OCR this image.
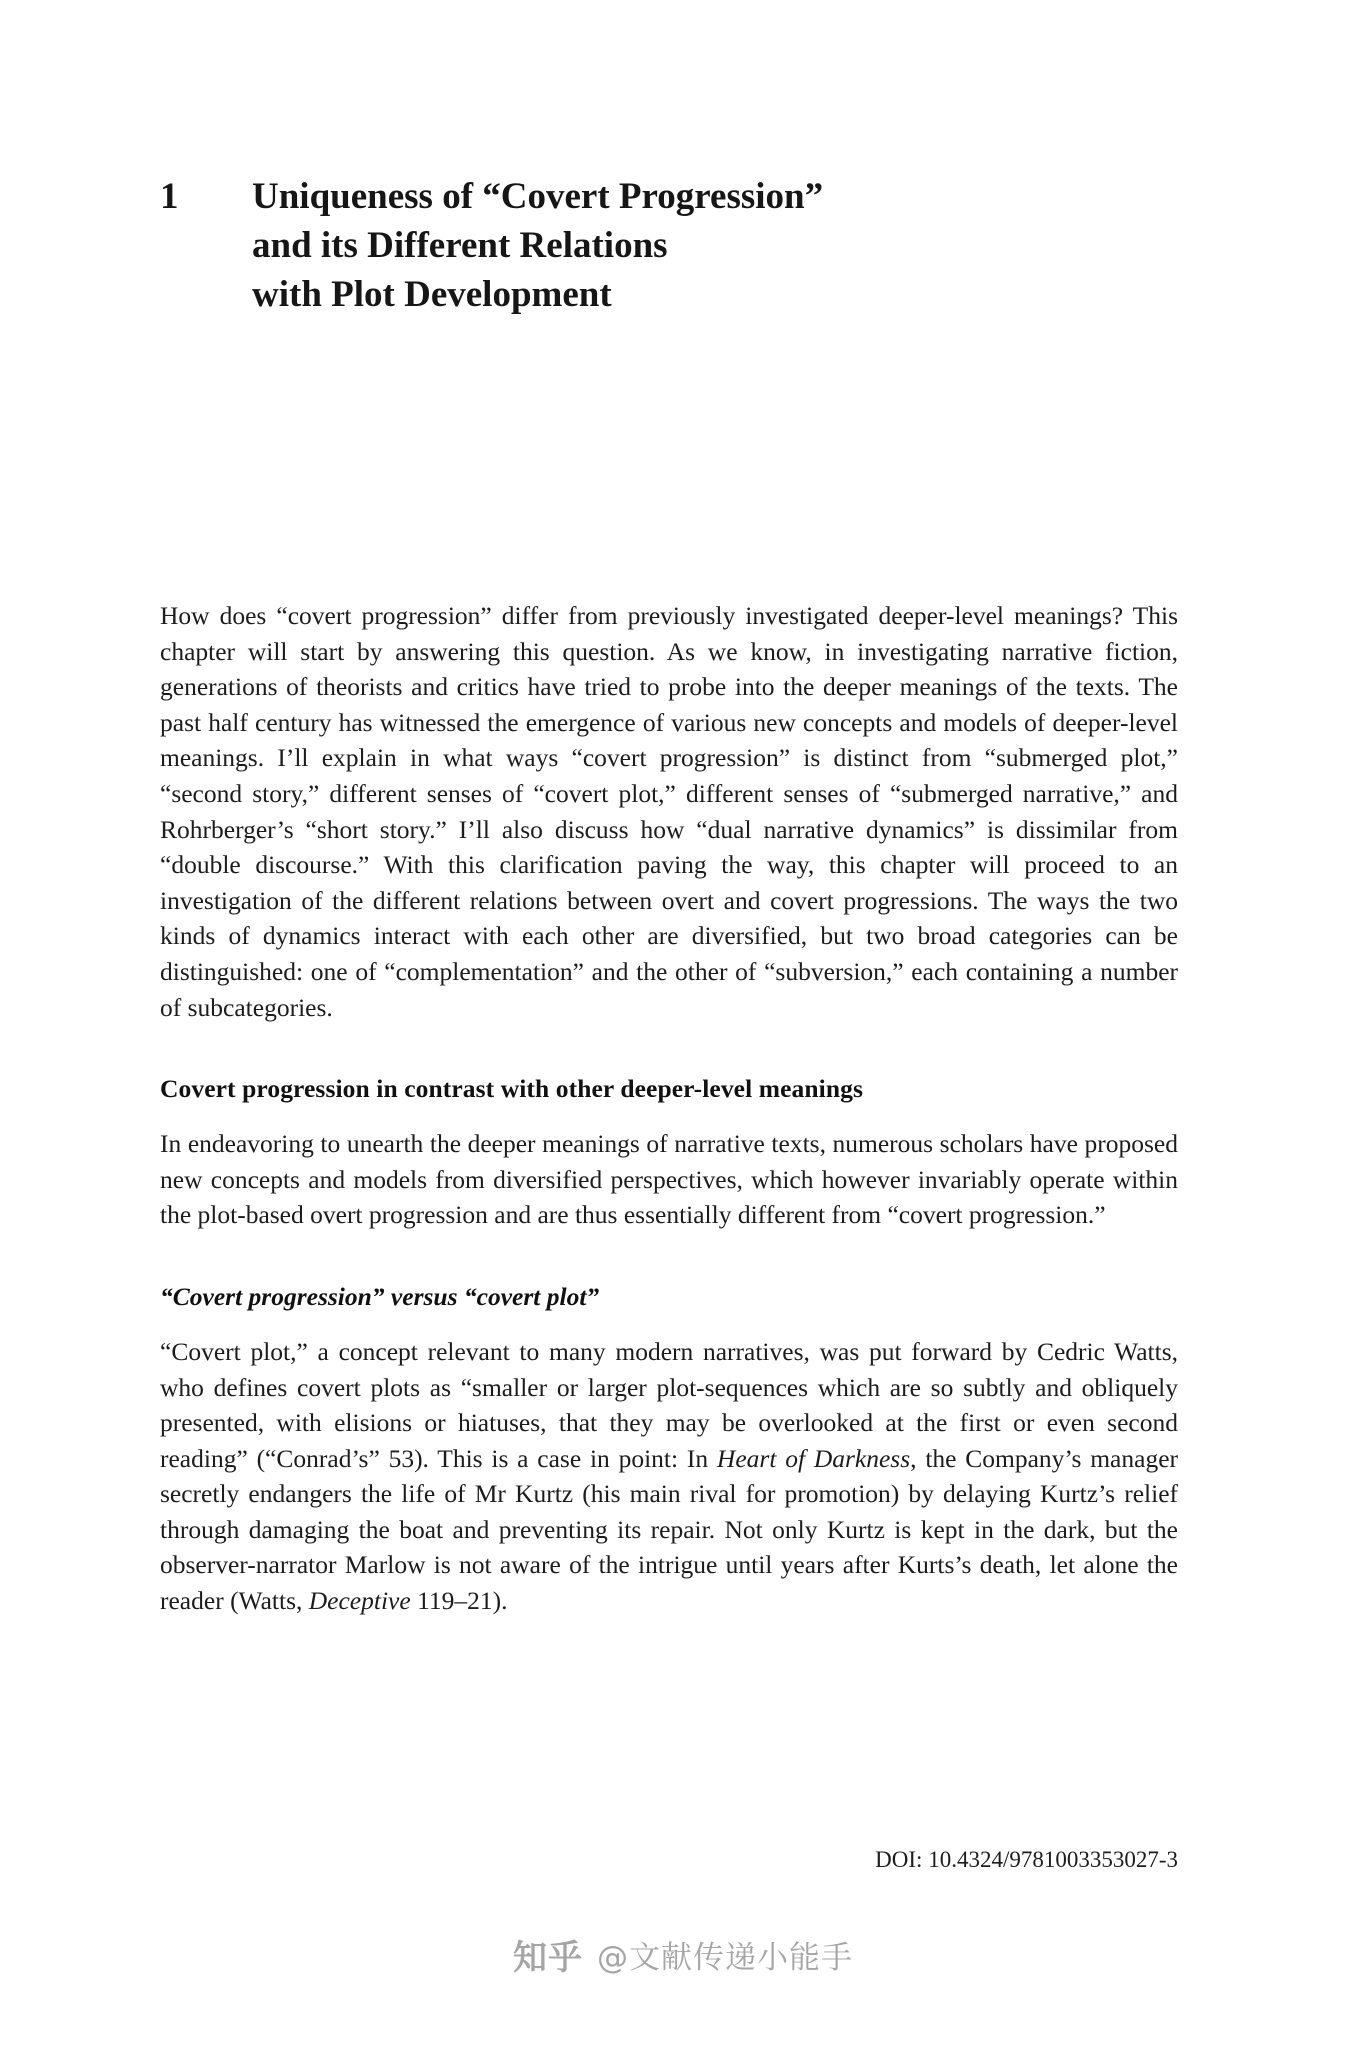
1	Uniqueness of “Covert Progression”
and its Different Relations
with Plot Development

How does “covert progression” differ from previously investigated deeper-level meanings? This chapter will start by answering this question. As we know, in investigating narrative fiction, generations of theorists and critics have tried to probe into the deeper meanings of the texts. The past half century has witnessed the emergence of various new concepts and models of deeper-level meanings. I’ll explain in what ways “covert progression” is distinct from “submerged plot,” “second story,” different senses of “covert plot,” different senses of “submerged narrative,” and Rohrberger’s “short story.” I’ll also discuss how “dual narrative dynamics” is dissimilar from “double discourse.” With this clarification paving the way, this chapter will proceed to an investigation of the different relations between overt and covert progressions. The ways the two kinds of dynamics interact with each other are diversified, but two broad categories can be distinguished: one of “complementation” and the other of “subversion,” each containing a number of subcategories.

Covert progression in contrast with other deeper-level meanings

In endeavoring to unearth the deeper meanings of narrative texts, numerous scholars have proposed new concepts and models from diversified perspectives, which however invariably operate within the plot-based overt progression and are thus essentially different from “covert progression.”

“Covert progression” versus “covert plot”

“Covert plot,” a concept relevant to many modern narratives, was put forward by Cedric Watts, who defines covert plots as “smaller or larger plot-sequences which are so subtly and obliquely presented, with elisions or hiatuses, that they may be overlooked at the first or even second reading” (“Conrad’s” 53). This is a case in point: In Heart of Darkness, the Company’s manager secretly endangers the life of Mr Kurtz (his main rival for promotion) by delaying Kurtz’s relief through damaging the boat and preventing its repair. Not only Kurtz is kept in the dark, but the observer-narrator Marlow is not aware of the intrigue until years after Kurts’s death, let alone the reader (Watts, Deceptive 119–21).

DOI: 10.4324/9781003353027-3
知乎 @文献传递小能手
